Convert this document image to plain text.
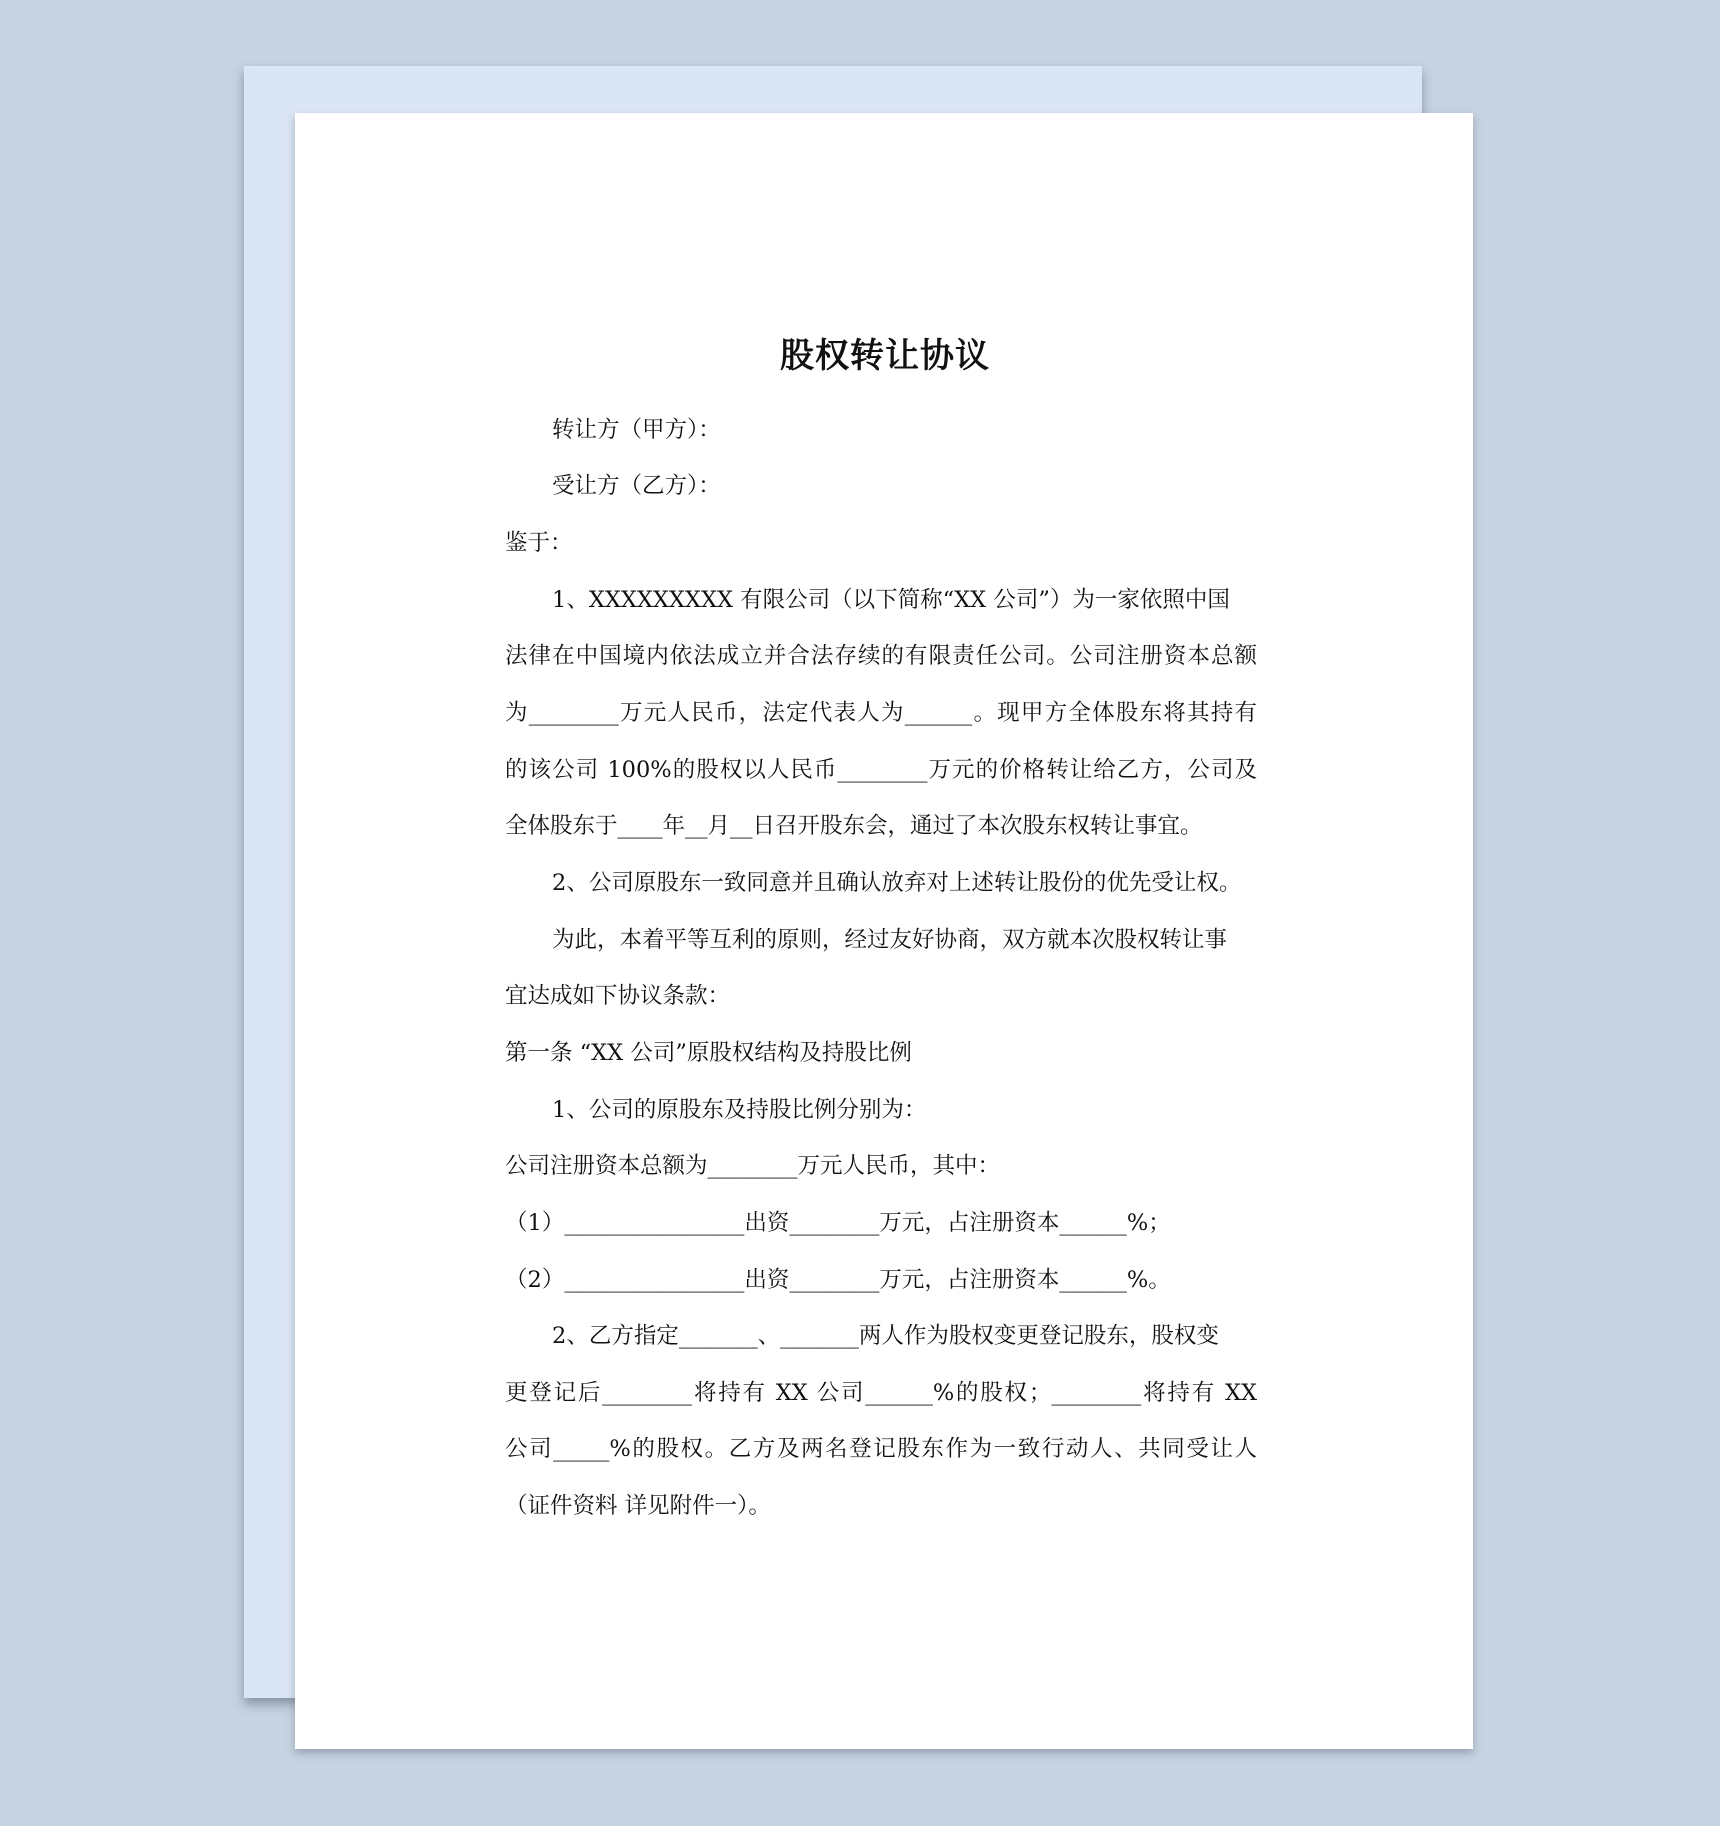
股权转让协议
转让方（甲方）：
受让方（乙方）：
鉴于：
1、XXXXXXXXX 有限公司（以下简称“XX 公司”）为一家依照中国
法律在中国境内依法成立并合法存续的有限责任公司。公司注册资本总额
为________万元人民币，法定代表人为______。现甲方全体股东将其持有
的该公司 100%的股权以人民币________万元的价格转让给乙方，公司及
全体股东于____年__月__日召开股东会，通过了本次股东权转让事宜。
2、公司原股东一致同意并且确认放弃对上述转让股份的优先受让权。
为此，本着平等互利的原则，经过友好协商，双方就本次股权转让事
宜达成如下协议条款：
第一条 “XX 公司”原股权结构及持股比例
1、公司的原股东及持股比例分别为：
公司注册资本总额为________万元人民币，其中：
（1）________________出资________万元，占注册资本______%；
（2）________________出资________万元，占注册资本______%。
2、乙方指定_______、_______两人作为股权变更登记股东，股权变
更登记后________将持有 XX 公司______%的股权；________将持有 XX
公司_____%的股权。乙方及两名登记股东作为一致行动人、共同受让人
（证件资料 详见附件一）。
